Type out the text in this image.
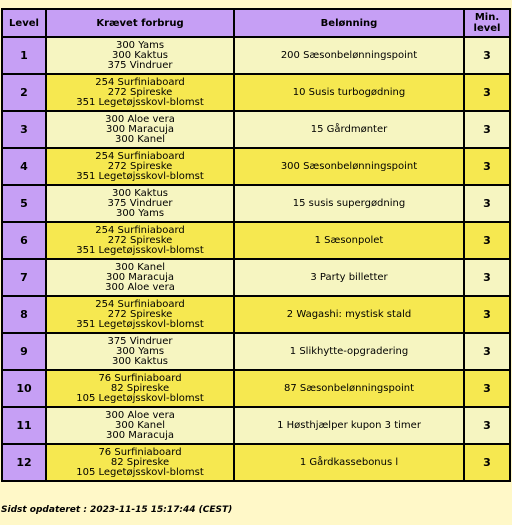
Level	Krævet forbrug	Belønning	Min.
level
1	300 Yams
300 Kaktus
375 Vindruer	200 Sæsonbelønningspoint	3
2	254 Surfiniaboard
272 Spireske
351 Legetøjsskovl-blomst	10 Susis turbogødning	3
3	300 Aloe vera
300 Maracuja
300 Kanel	15 Gårdmønter	3
4	254 Surfiniaboard
272 Spireske
351 Legetøjsskovl-blomst	300 Sæsonbelønningspoint	3
5	300 Kaktus
375 Vindruer
300 Yams	15 susis supergødning	3
6	254 Surfiniaboard
272 Spireske
351 Legetøjsskovl-blomst	1 Sæsonpolet	3
7	300 Kanel
300 Maracuja
300 Aloe vera	3 Party billetter	3
8	254 Surfiniaboard
272 Spireske
351 Legetøjsskovl-blomst	2 Wagashi: mystisk stald	3
9	375 Vindruer
300 Yams
300 Kaktus	1 Slikhytte-opgradering	3
10	76 Surfiniaboard
82 Spireske
105 Legetøjsskovl-blomst	87 Sæsonbelønningspoint	3
11	300 Aloe vera
300 Kanel
300 Maracuja	1 Høsthjælper kupon 3 timer	3
12	76 Surfiniaboard
82 Spireske
105 Legetøjsskovl-blomst	1 Gårdkassebonus l	3
Sidst opdateret : 2023-11-15 15:17:44 (CEST)
